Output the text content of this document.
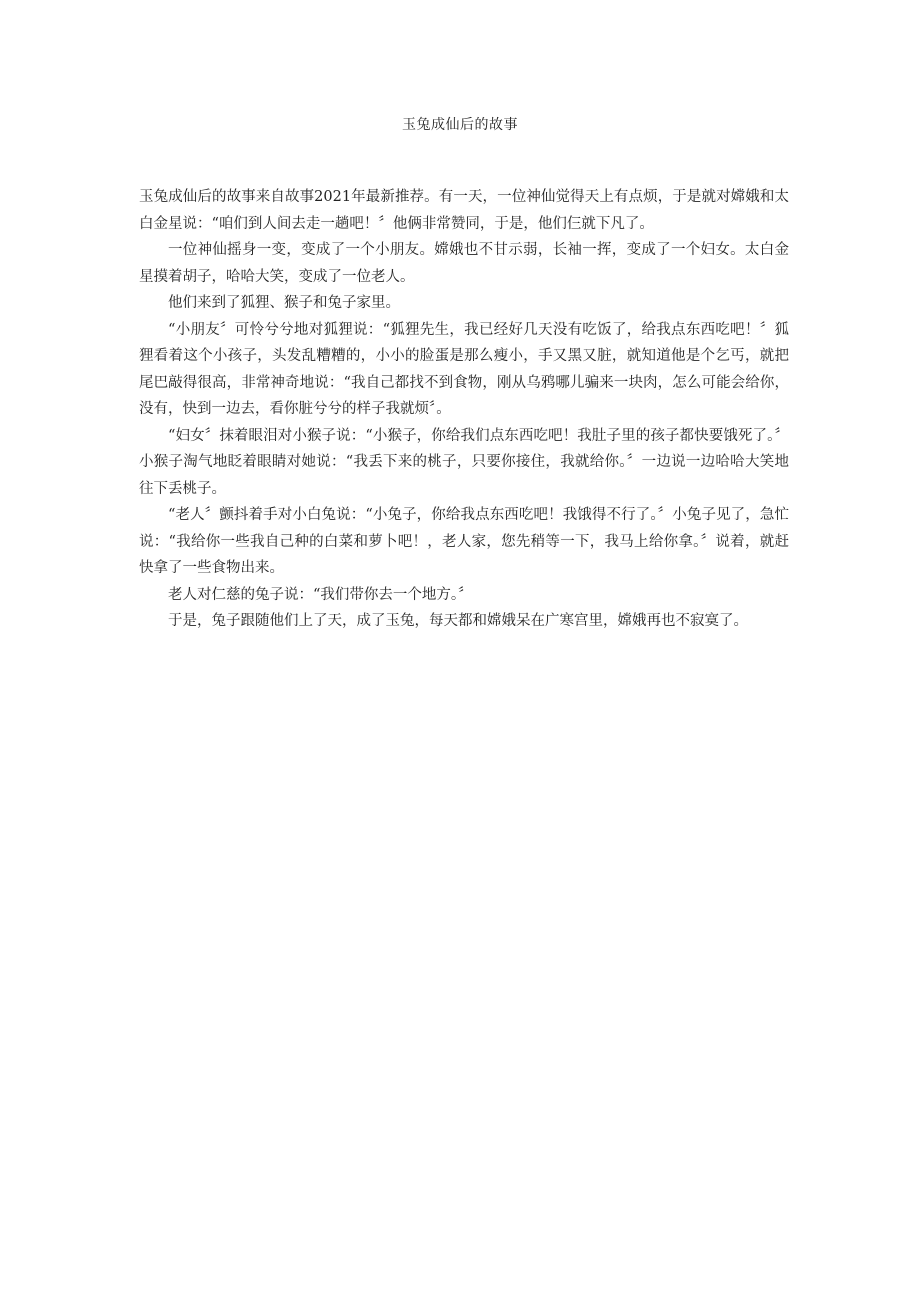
玉兔成仙后的故事

玉兔成仙后的故事来自故事2021年最新推荐。有一天，一位神仙觉得天上有点烦，于是就对嫦娥和太白金星说：“咱们到人间去走一趟吧！〞他俩非常赞同，于是，他们仨就下凡了。

一位神仙摇身一变，变成了一个小朋友。嫦娥也不甘示弱，长袖一挥，变成了一个妇女。太白金星摸着胡子，哈哈大笑，变成了一位老人。

他们来到了狐狸、猴子和兔子家里。

“小朋友〞可怜兮兮地对狐狸说：“狐狸先生，我已经好几天没有吃饭了，给我点东西吃吧！〞狐狸看着这个小孩子，头发乱糟糟的，小小的脸蛋是那么瘦小，手又黑又脏，就知道他是个乞丐，就把尾巴敲得很高，非常神奇地说：“我自己都找不到食物，刚从乌鸦哪儿骗来一块肉，怎么可能会给你，没有，快到一边去，看你脏兮兮的样子我就烦〞。

“妇女〞抹着眼泪对小猴子说：“小猴子，你给我们点东西吃吧！我肚子里的孩子都快要饿死了。〞小猴子淘气地眨着眼睛对她说：“我丢下来的桃子，只要你接住，我就给你。〞一边说一边哈哈大笑地往下丢桃子。

“老人〞颤抖着手对小白兔说：“小兔子，你给我点东西吃吧！我饿得不行了。〞小兔子见了，急忙说：“我给你一些我自己种的白菜和萝卜吧！，老人家，您先稍等一下，我马上给你拿。〞说着，就赶快拿了一些食物出来。

老人对仁慈的兔子说：“我们带你去一个地方。〞

于是，兔子跟随他们上了天，成了玉兔，每天都和嫦娥呆在广寒宫里，嫦娥再也不寂寞了。
